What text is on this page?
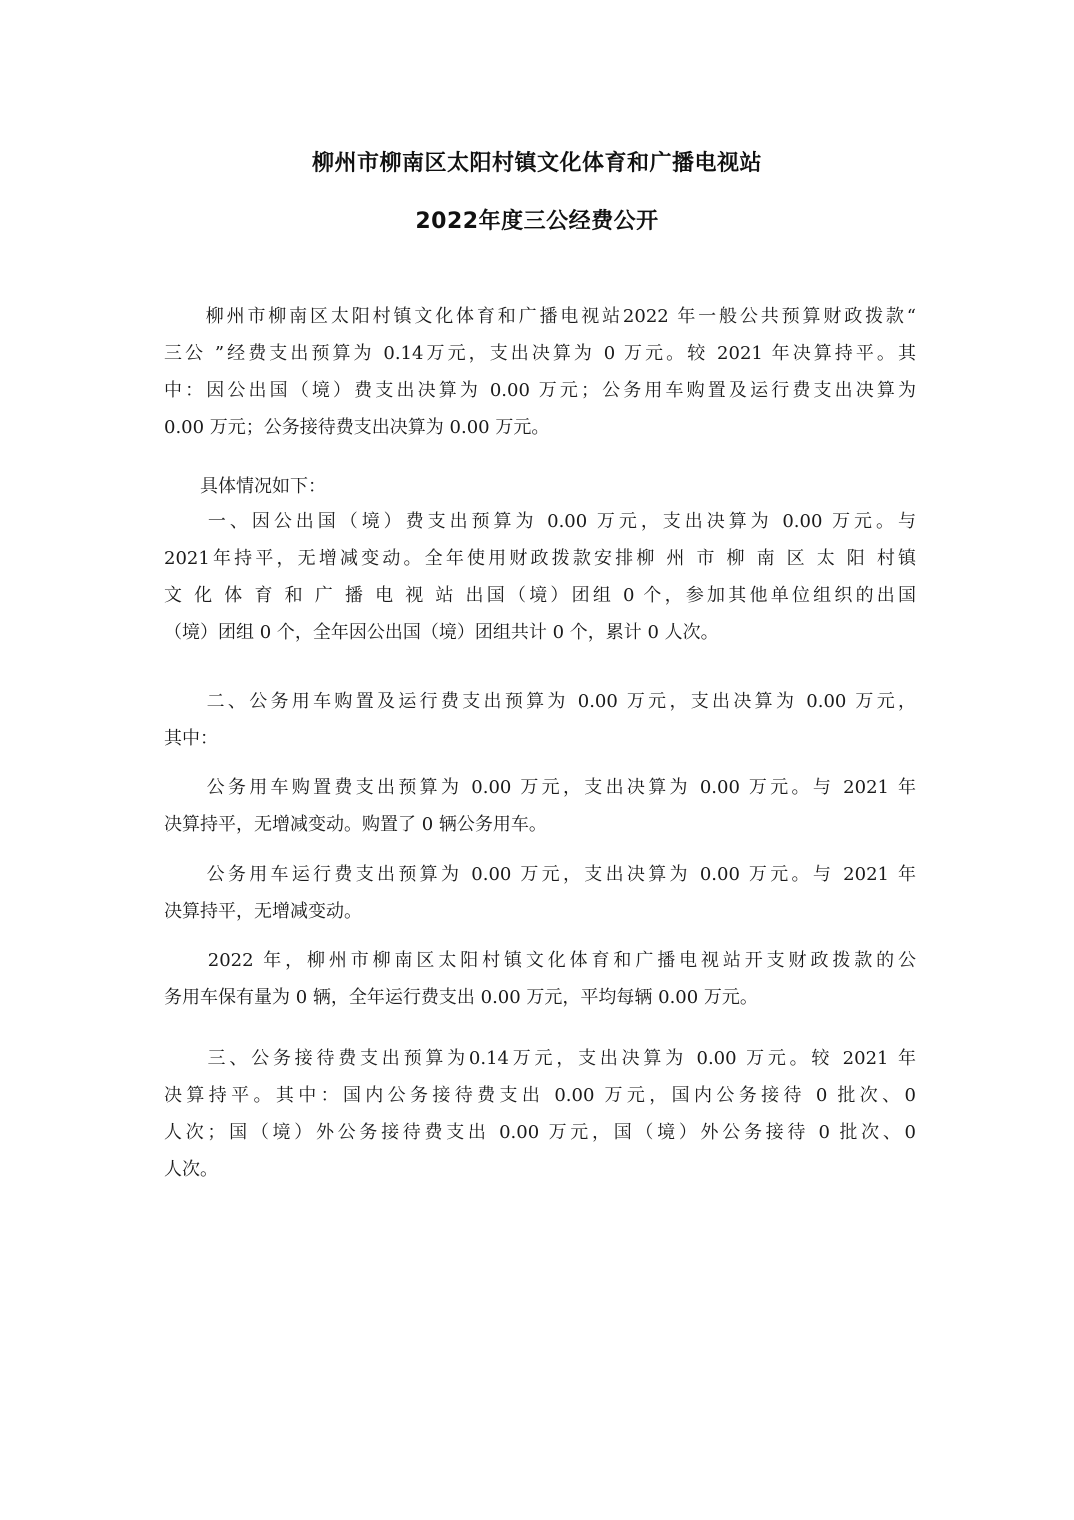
柳州市柳南区太阳村镇文化体育和广播电视站
2022年度三公经费公开
　　柳州市柳南区太阳村镇文化体育和广播电视站2022 年一般公共预算财政拨款“
三公 ”经费支出预算为 0.14万元，支出决算为 0 万元。较 2021 年决算持平。其
中：因公出国（境）费支出决算为 0.00 万元；公务用车购置及运行费支出决算为
0.00 万元；公务接待费支出决算为 0.00 万元。
　　具体情况如下：
　　一、因公出国（境）费支出预算为 0.00 万元，支出决算为 0.00 万元。与
2021年持平，无增减变动。全年使用财政拨款安排柳 州 市 柳 南 区 太 阳 村镇
文 化 体 育 和 广 播 电 视 站 出国（境）团组 0 个，参加其他单位组织的出国
（境）团组 0 个，全年因公出国（境）团组共计 0 个，累计 0 人次。
　　二、公务用车购置及运行费支出预算为 0.00 万元，支出决算为 0.00 万元，
其中：
　　公务用车购置费支出预算为 0.00 万元，支出决算为 0.00 万元。与 2021 年
决算持平，无增减变动。购置了 0 辆公务用车。
　　公务用车运行费支出预算为 0.00 万元，支出决算为 0.00 万元。与 2021 年
决算持平，无增减变动。
　　2022 年，柳州市柳南区太阳村镇文化体育和广播电视站开支财政拨款的公
务用车保有量为 0 辆，全年运行费支出 0.00 万元，平均每辆 0.00 万元。
　　三、公务接待费支出预算为0.14万元，支出决算为 0.00 万元。较 2021 年
决算持平。其中：国内公务接待费支出 0.00 万元，国内公务接待 0 批次、0
人次；国（境）外公务接待费支出 0.00 万元，国（境）外公务接待 0 批次、0
人次。
